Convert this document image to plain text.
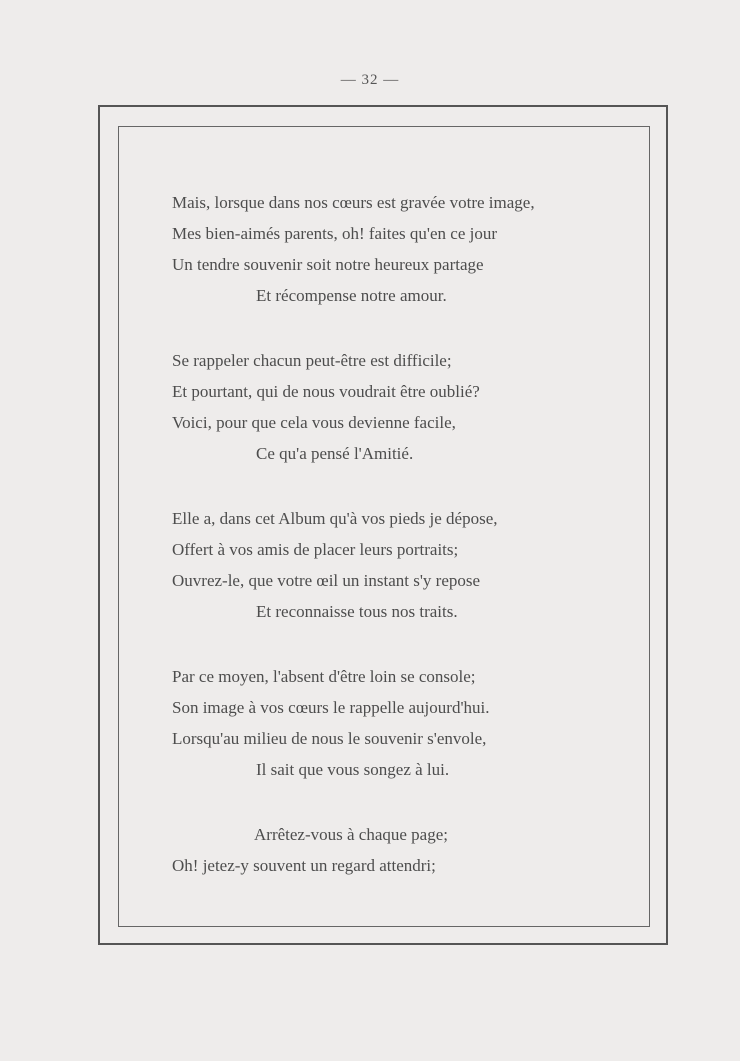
— 32 —
Mais, lorsque dans nos cœurs est gravée votre image,
Mes bien-aimés parents, oh! faites qu'en ce jour
Un tendre souvenir soit notre heureux partage
Et récompense notre amour.
Se rappeler chacun peut-être est difficile;
Et pourtant, qui de nous voudrait être oublié?
Voici, pour que cela vous devienne facile,
Ce qu'a pensé l'Amitié.
Elle a, dans cet Album qu'à vos pieds je dépose,
Offert à vos amis de placer leurs portraits;
Ouvrez-le, que votre œil un instant s'y repose
Et reconnaisse tous nos traits.
Par ce moyen, l'absent d'être loin se console;
Son image à vos cœurs le rappelle aujourd'hui.
Lorsqu'au milieu de nous le souvenir s'envole,
Il sait que vous songez à lui.
Arrêtez-vous à chaque page;
Oh! jetez-y souvent un regard attendri;
